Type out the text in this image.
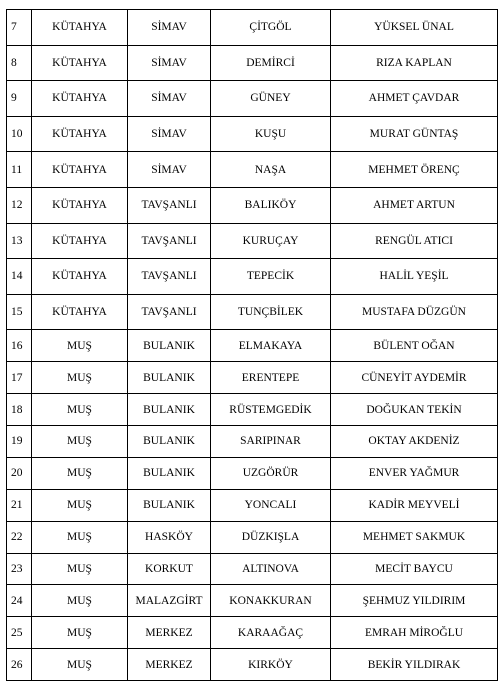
7	KÜTAHYA	SİMAV	ÇİTGÖL	YÜKSEL ÜNAL
8	KÜTAHYA	SİMAV	DEMİRCİ	RIZA KAPLAN
9	KÜTAHYA	SİMAV	GÜNEY	AHMET ÇAVDAR
10	KÜTAHYA	SİMAV	KUŞU	MURAT GÜNTAŞ
11	KÜTAHYA	SİMAV	NAŞA	MEHMET ÖRENÇ
12	KÜTAHYA	TAVŞANLI	BALIKÖY	AHMET ARTUN
13	KÜTAHYA	TAVŞANLI	KURUÇAY	RENGÜL ATICI
14	KÜTAHYA	TAVŞANLI	TEPECİK	HALİL YEŞİL
15	KÜTAHYA	TAVŞANLI	TUNÇBİLEK	MUSTAFA DÜZGÜN
16	MUŞ	BULANIK	ELMAKAYA	BÜLENT OĞAN
17	MUŞ	BULANIK	ERENTEPE	CÜNEYİT AYDEMİR
18	MUŞ	BULANIK	RÜSTEMGEDİK	DOĞUKAN TEKİN
19	MUŞ	BULANIK	SARIPINAR	OKTAY AKDENİZ
20	MUŞ	BULANIK	UZGÖRÜR	ENVER YAĞMUR
21	MUŞ	BULANIK	YONCALI	KADİR MEYVELİ
22	MUŞ	HASKÖY	DÜZKIŞLA	MEHMET SAKMUK
23	MUŞ	KORKUT	ALTINOVA	MECİT BAYCU
24	MUŞ	MALAZGİRT	KONAKKURAN	ŞEHMUZ YILDIRIM
25	MUŞ	MERKEZ	KARAAĞAÇ	EMRAH MİROĞLU
26	MUŞ	MERKEZ	KIRKÖY	BEKİR YILDIRAK
